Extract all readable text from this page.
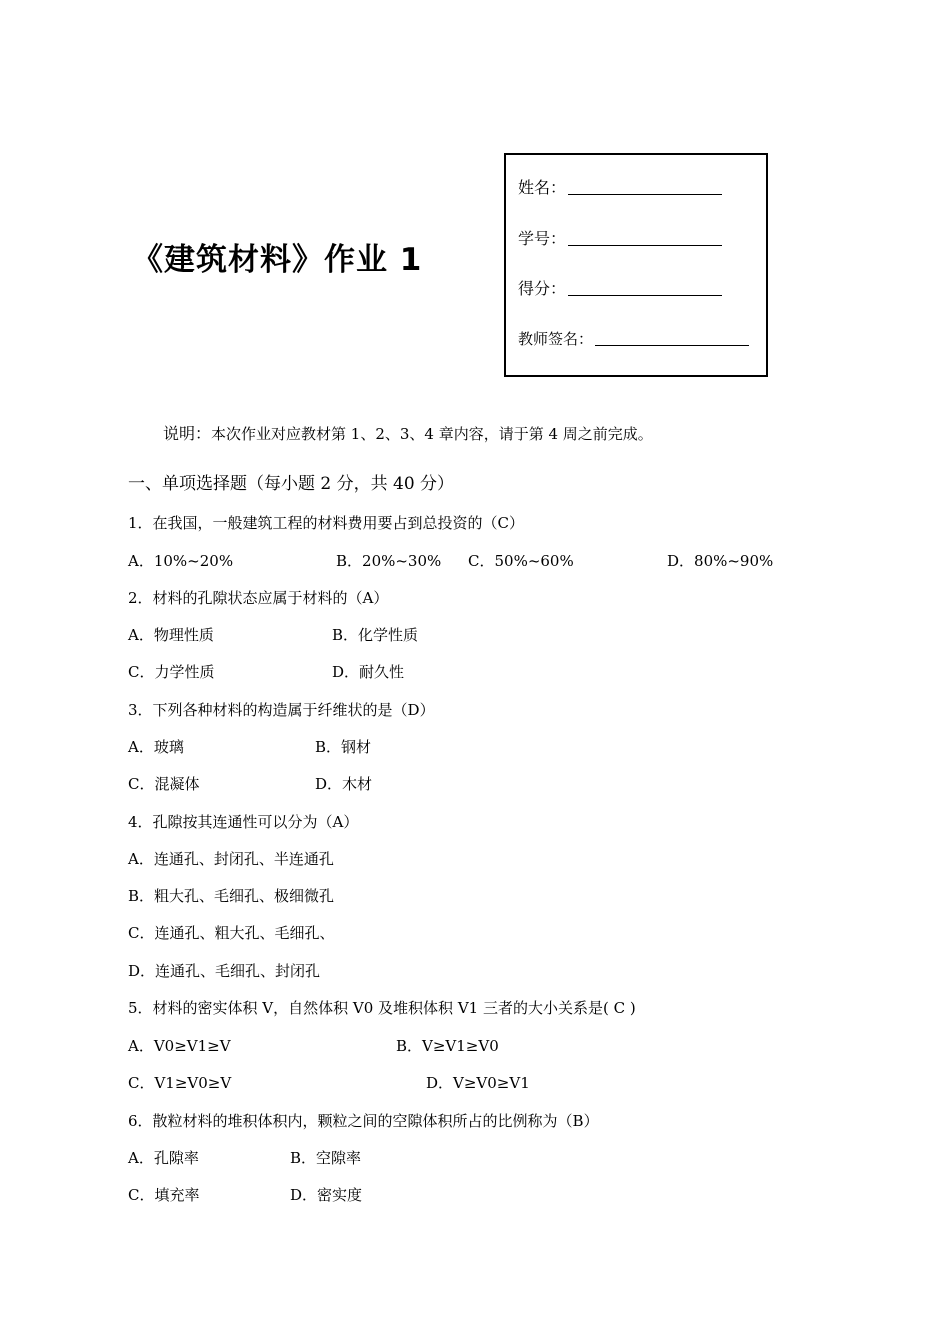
《建筑材料》作业 1
姓名：
学号：
得分：
教师签名：
说明：本次作业对应教材第 1、2、3、4 章内容，请于第 4 周之前完成。
一、单项选择题（每小题 2 分，共 40 分）
1．在我国，一般建筑工程的材料费用要占到总投资的（C）
A．10%~20%	B．20%~30% C．50%~60%	D．80%~90%
2．材料的孔隙状态应属于材料的（A）
A．物理性质	B．化学性质
C．力学性质	D．耐久性
3．下列各种材料的构造属于纤维状的是（D）
A．玻璃	B．钢材
C．混凝体	D．木材
4．孔隙按其连通性可以分为（A）
A．连通孔、封闭孔、半连通孔
B．粗大孔、毛细孔、极细微孔
C．连通孔、粗大孔、毛细孔、
D．连通孔、毛细孔、封闭孔
5．材料的密实体积 V，自然体积 V0 及堆积体积 V1 三者的大小关系是( C )
A．V0≥V1≥V	B．V≥V1≥V0
C．V1≥V0≥V	D．V≥V0≥V1
6．散粒材料的堆积体积内，颗粒之间的空隙体积所占的比例称为（B）
A．孔隙率	B．空隙率
C．填充率	D．密实度
